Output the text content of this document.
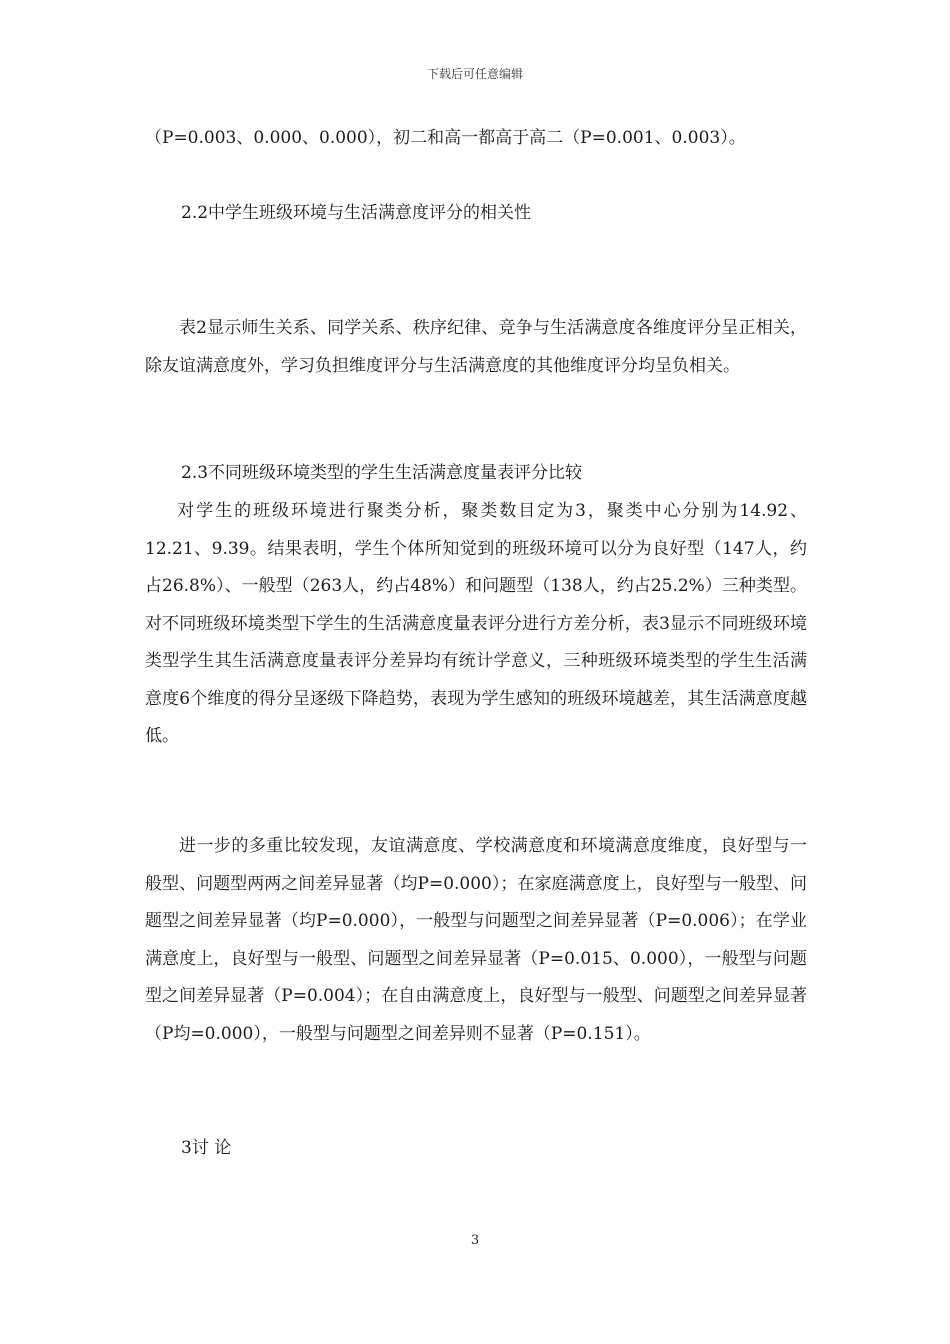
下载后可任意编辑
（P=0.003、0.000、0.000），初二和高一都高于高二（P=0.001、0.003）。
2.2中学生班级环境与生活满意度评分的相关性
表2显示师生关系、同学关系、秩序纪律、竞争与生活满意度各维度评分呈正相关，除友谊满意度外，学习负担维度评分与生活满意度的其他维度评分均呈负相关。
2.3不同班级环境类型的学生生活满意度量表评分比较
对学生的班级环境进行聚类分析，聚类数目定为3，聚类中心分别为14.92、12.21、9.39。结果表明，学生个体所知觉到的班级环境可以分为良好型（147人，约占26.8%）、一般型（263人，约占48%）和问题型（138人，约占25.2%）三种类型。对不同班级环境类型下学生的生活满意度量表评分进行方差分析，表3显示不同班级环境类型学生其生活满意度量表评分差异均有统计学意义，三种班级环境类型的学生生活满意度6个维度的得分呈逐级下降趋势，表现为学生感知的班级环境越差，其生活满意度越低。
进一步的多重比较发现，友谊满意度、学校满意度和环境满意度维度，良好型与一般型、问题型两两之间差异显著（均P=0.000）；在家庭满意度上，良好型与一般型、问题型之间差异显著（均P=0.000），一般型与问题型之间差异显著（P=0.006）；在学业满意度上，良好型与一般型、问题型之间差异显著（P=0.015、0.000），一般型与问题型之间差异显著（P=0.004）；在自由满意度上，良好型与一般型、问题型之间差异显著（P均=0.000），一般型与问题型之间差异则不显著（P=0.151）。
3讨 论
3
